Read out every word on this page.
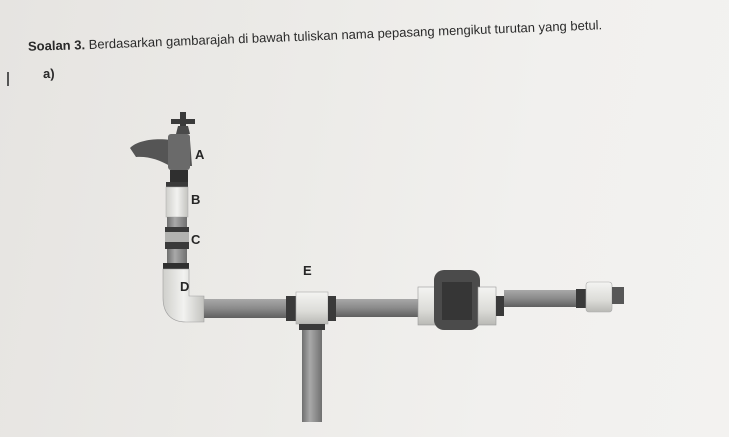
Soalan 3.
a)
Berdasarkan gambarajah di bawah tuliskan nama pepasang mengikut turutan yang betul.
A
B
C
D
E
